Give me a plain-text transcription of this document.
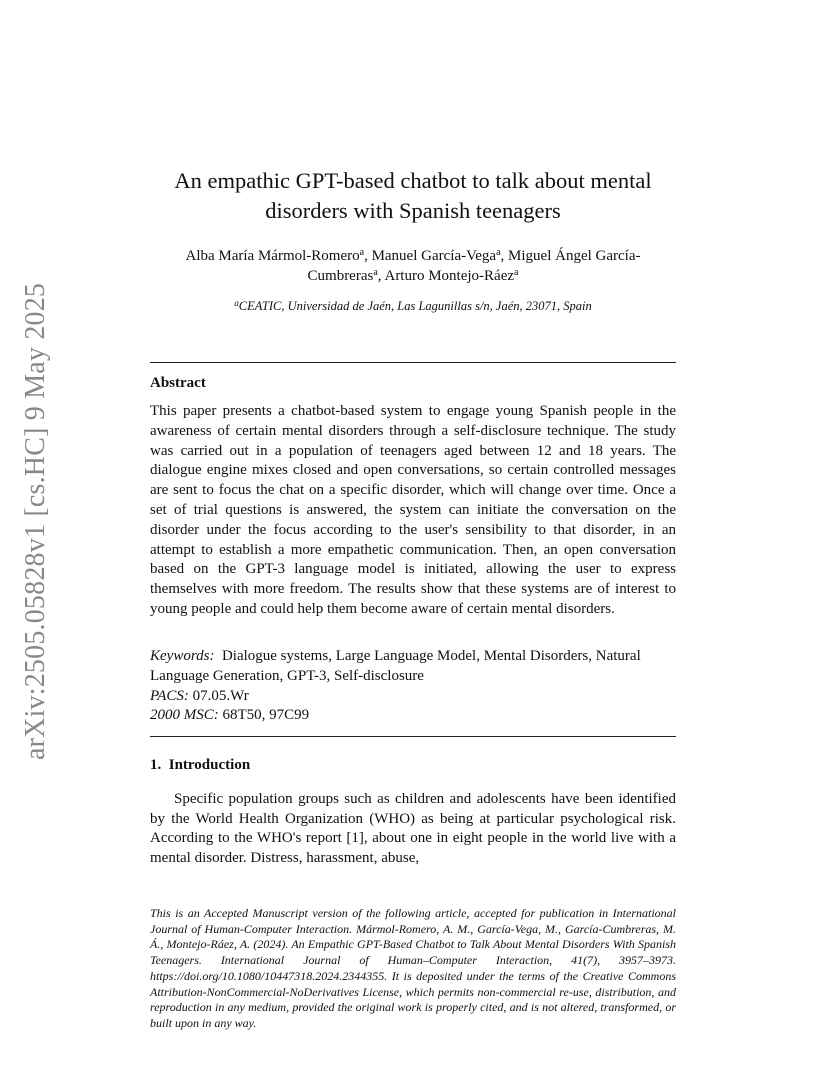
arXiv:2505.05828v1 [cs.HC] 9 May 2025
An empathic GPT-based chatbot to talk about mental disorders with Spanish teenagers
Alba María Mármol-Romero$^a$, Manuel García-Vega$^a$, Miguel Ángel García-Cumbreras$^a$, Arturo Montejo-Ráez$^a$
$^a$CEATIC, Universidad de Jaén, Las Lagunillas s/n, Jaén, 23071, Spain
Abstract
This paper presents a chatbot-based system to engage young Spanish people in the awareness of certain mental disorders through a self-disclosure technique. The study was carried out in a population of teenagers aged between 12 and 18 years. The dialogue engine mixes closed and open conversations, so certain controlled messages are sent to focus the chat on a specific disorder, which will change over time. Once a set of trial questions is answered, the system can initiate the conversation on the disorder under the focus according to the user's sensibility to that disorder, in an attempt to establish a more empathetic communication. Then, an open conversation based on the GPT-3 language model is initiated, allowing the user to express themselves with more freedom. The results show that these systems are of interest to young people and could help them become aware of certain mental disorders.
Keywords: Dialogue systems, Large Language Model, Mental Disorders, Natural Language Generation, GPT-3, Self-disclosure
PACS: 07.05.Wr
2000 MSC: 68T50, 97C99
1.  Introduction
Specific population groups such as children and adolescents have been identified by the World Health Organization (WHO) as being at particular psychological risk. According to the WHO's report [1], about one in eight people in the world live with a mental disorder. Distress, harassment, abuse,
This is an Accepted Manuscript version of the following article, accepted for publication in International Journal of Human-Computer Interaction. Mármol-Romero, A. M., García-Vega, M., García-Cumbreras, M. Á., Montejo-Ráez, A. (2024). An Empathic GPT-Based Chatbot to Talk About Mental Disorders With Spanish Teenagers. International Journal of Human–Computer Interaction, 41(7), 3957–3973. https://doi.org/10.1080/10447318.2024.2344355. It is deposited under the terms of the Creative Commons Attribution-NonCommercial-NoDerivatives License, which permits non-commercial re-use, distribution, and reproduction in any medium, provided the original work is properly cited, and is not altered, transformed, or built upon in any way.
